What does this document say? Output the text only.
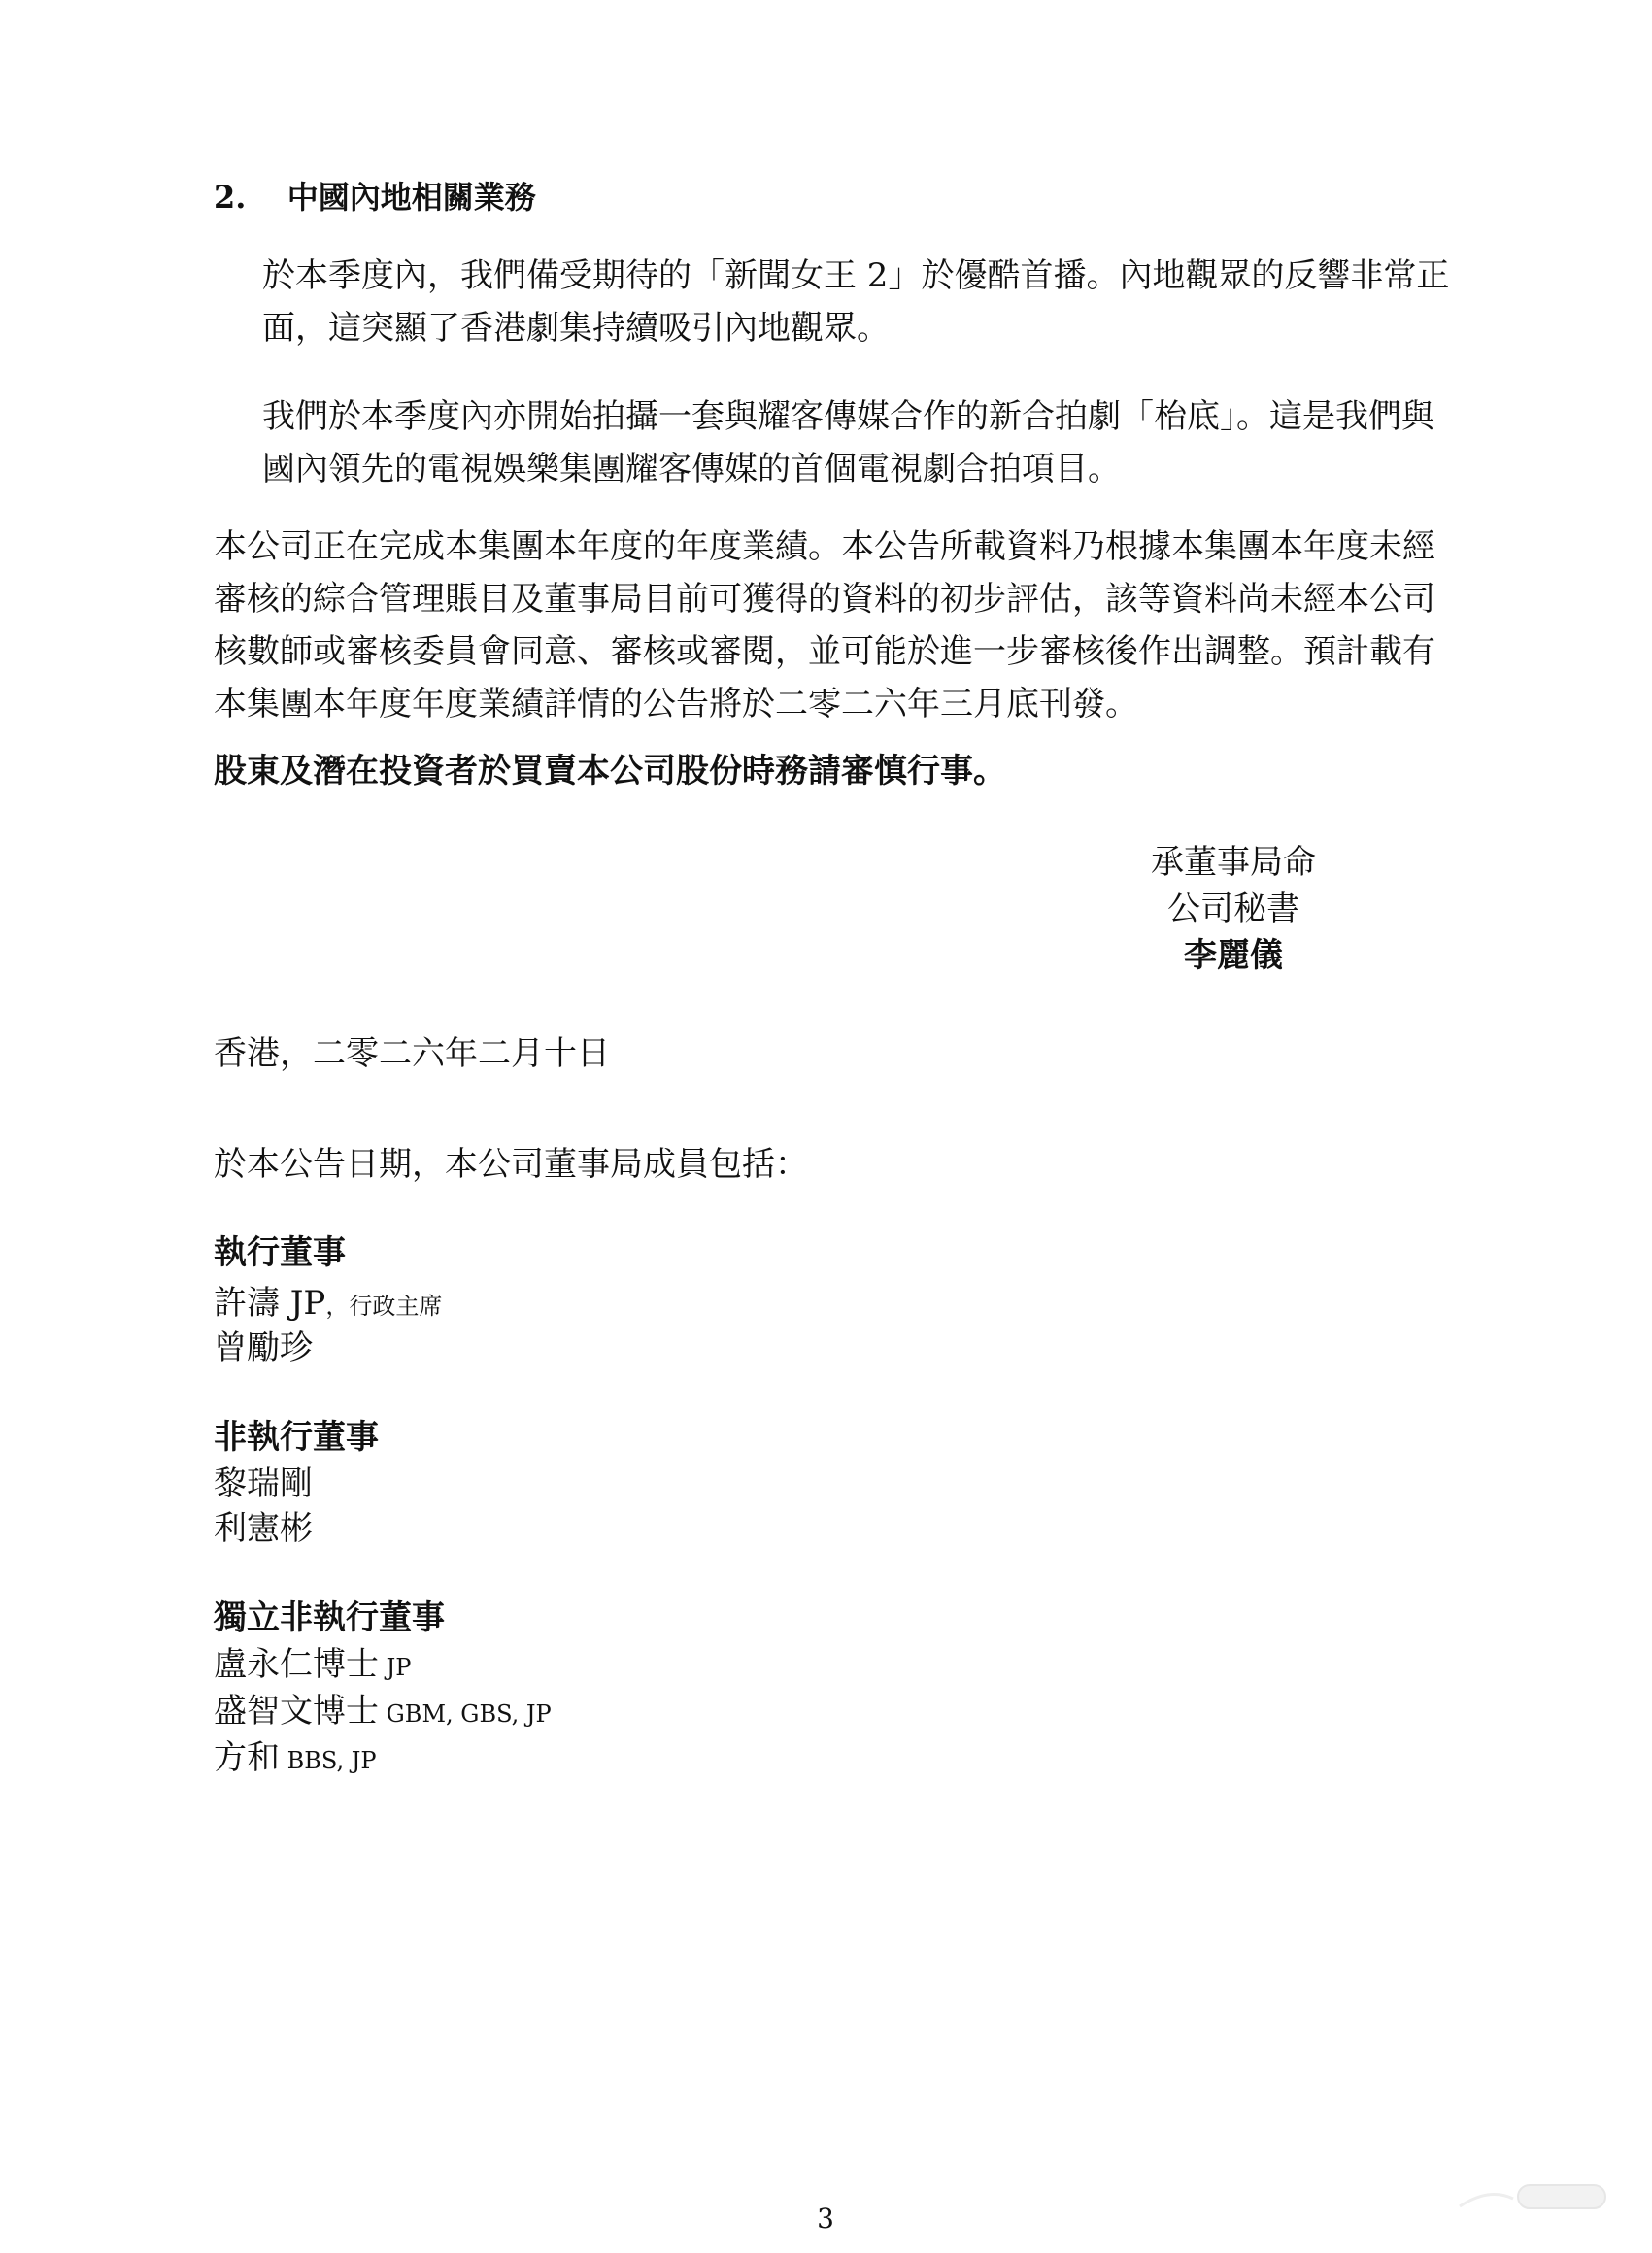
2. 中國內地相關業務
於本季度內，我們備受期待的「新聞女王 2」於優酷首播。內地觀眾的反響非常正
面，這突顯了香港劇集持續吸引內地觀眾。
我們於本季度內亦開始拍攝一套與耀客傳媒合作的新合拍劇「枱底」。這是我們與
國內領先的電視娛樂集團耀客傳媒的首個電視劇合拍項目。
本公司正在完成本集團本年度的年度業績。本公告所載資料乃根據本集團本年度未經
審核的綜合管理賬目及董事局目前可獲得的資料的初步評估，該等資料尚未經本公司
核數師或審核委員會同意、審核或審閱，並可能於進一步審核後作出調整。預計載有
本集團本年度年度業績詳情的公告將於二零二六年三月底刊發。
股東及潛在投資者於買賣本公司股份時務請審慎行事。
承董事局命
公司秘書
李麗儀
香港，二零二六年二月十日
於本公告日期，本公司董事局成員包括：
執行董事
許濤 JP，行政主席
曾勵珍
非執行董事
黎瑞剛
利憲彬
獨立非執行董事
盧永仁博士 JP
盛智文博士 GBM, GBS, JP
方和 BBS, JP
3
